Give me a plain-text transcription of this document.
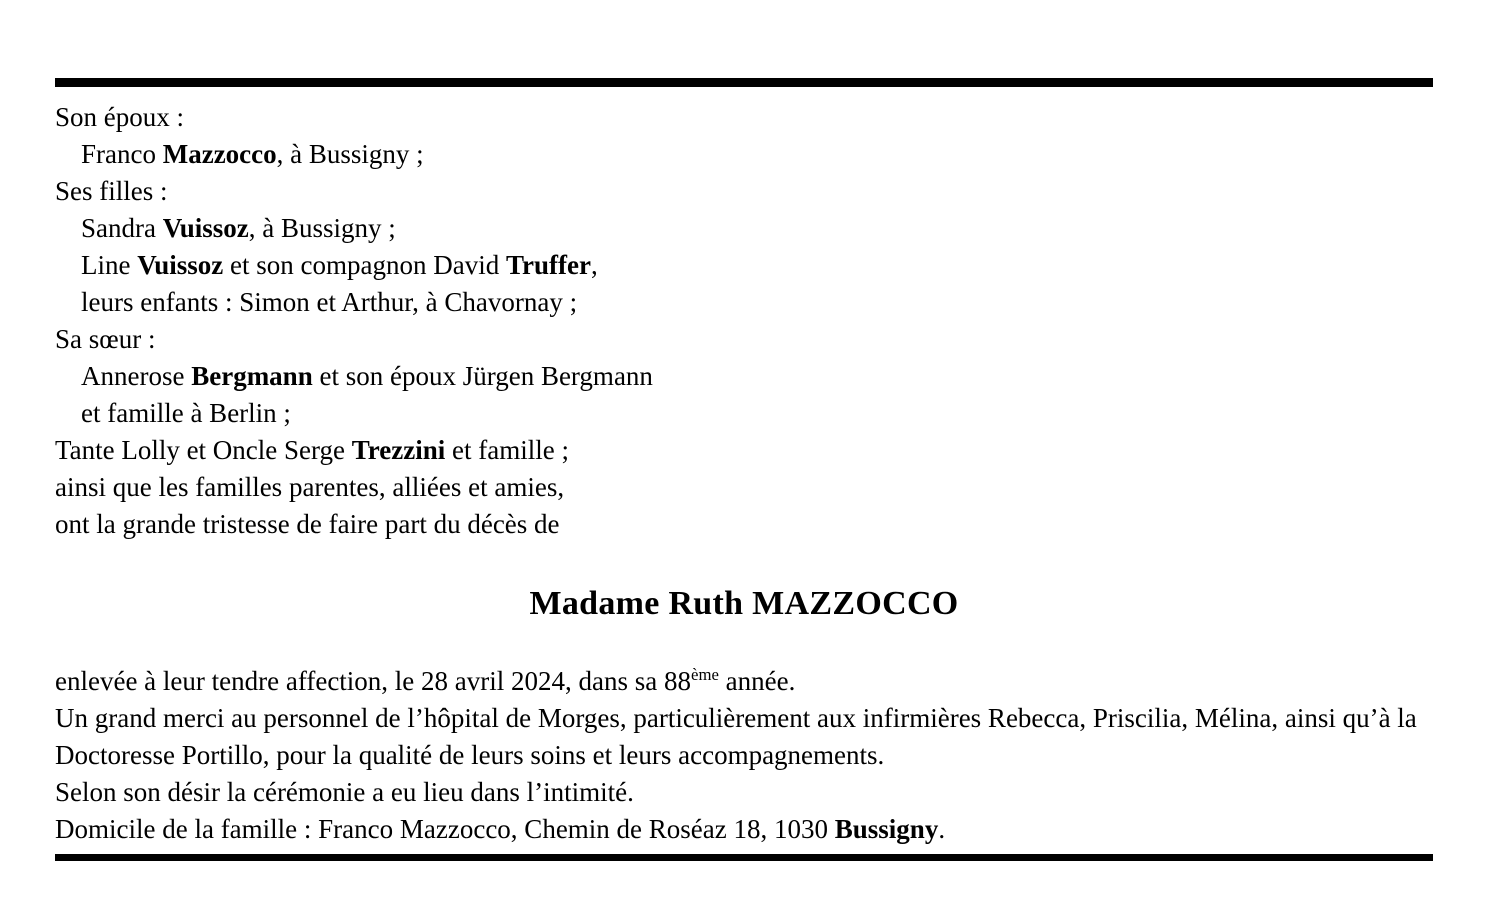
Son époux :
Franco Mazzocco, à Bussigny ;
Ses filles :
Sandra Vuissoz, à Bussigny ;
Line Vuissoz et son compagnon David Truffer,
leurs enfants : Simon et Arthur, à Chavornay ;
Sa sœur :
Annerose Bergmann et son époux Jürgen Bergmann
et famille à Berlin ;
Tante Lolly et Oncle Serge Trezzini et famille ;
ainsi que les familles parentes, alliées et amies,
ont la grande tristesse de faire part du décès de
Madame Ruth MAZZOCCO

enlevée à leur tendre affection, le 28 avril 2024, dans sa 88ème année.

Un grand merci au personnel de l’hôpital de Morges, particulièrement aux infirmières Rebecca, Priscilia, Mélina, ainsi qu’à la Doctoresse Portillo, pour la qualité de leurs soins et leurs accompagnements.

Selon son désir la cérémonie a eu lieu dans l’intimité.

Domicile de la famille : Franco Mazzocco, Chemin de Roséaz 18, 1030 Bussigny.
